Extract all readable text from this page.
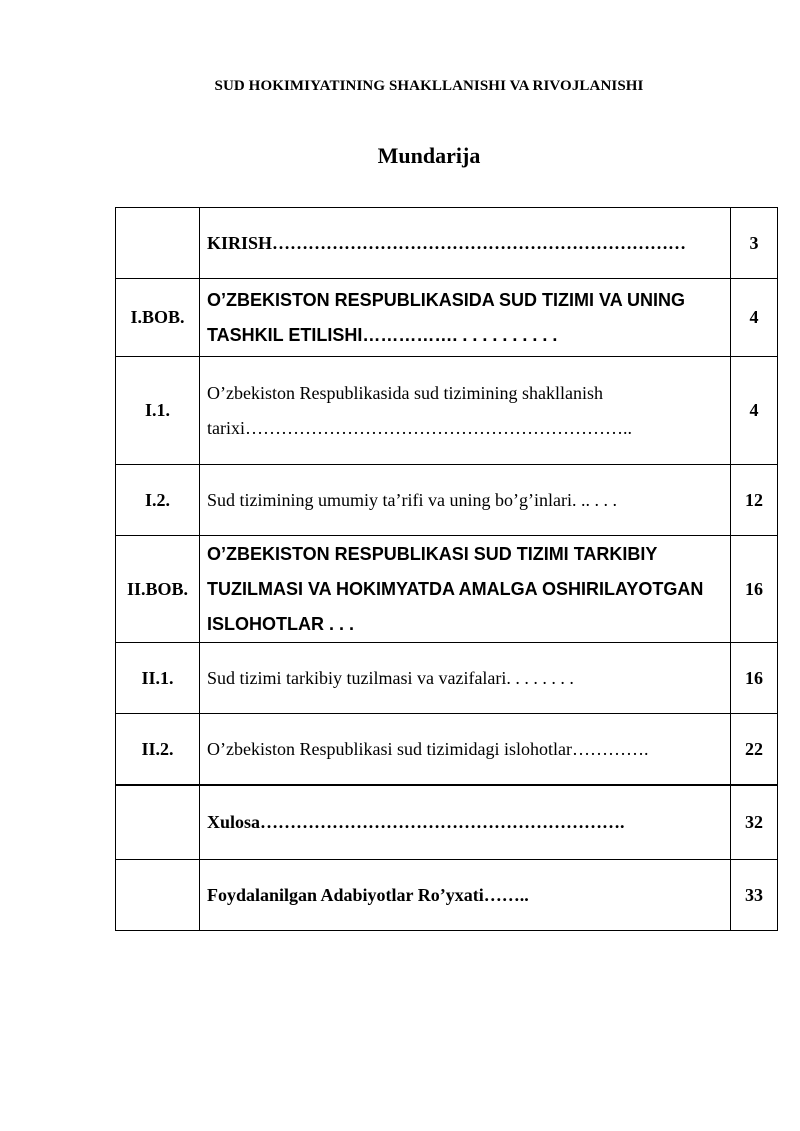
SUD HOKIMIYATINING SHAKLLANISHI VA RIVOJLANISHI
Mundarija
	KIRISH……………………………………………………………	3
I.BOB.	O’ZBEKISTON RESPUBLIKASIDA SUD TIZIMI VA UNING TASHKIL ETILISHI……………. . . . . . . . . . .	4
I.1.	O’zbekiston Respublikasida sud tizimining shakllanish tarixi………………………………………………………..	4
I.2.	Sud tizimining umumiy ta’rifi va uning bo’g’inlari. .. . . .	12
II.BOB.	O’ZBEKISTON RESPUBLIKASI SUD TIZIMI TARKIBIY TUZILMASI VA HOKIMYATDA AMALGA OSHIRILAYOTGAN ISLOHOTLAR . . .	16
II.1.	Sud tizimi tarkibiy tuzilmasi va vazifalari. . . . . . . .	16
II.2.	O’zbekiston Respublikasi sud tizimidagi islohotlar………….	22
	Xulosa…………………………………………………….	32
	Foydalanilgan Adabiyotlar Ro’yxati……..	33
